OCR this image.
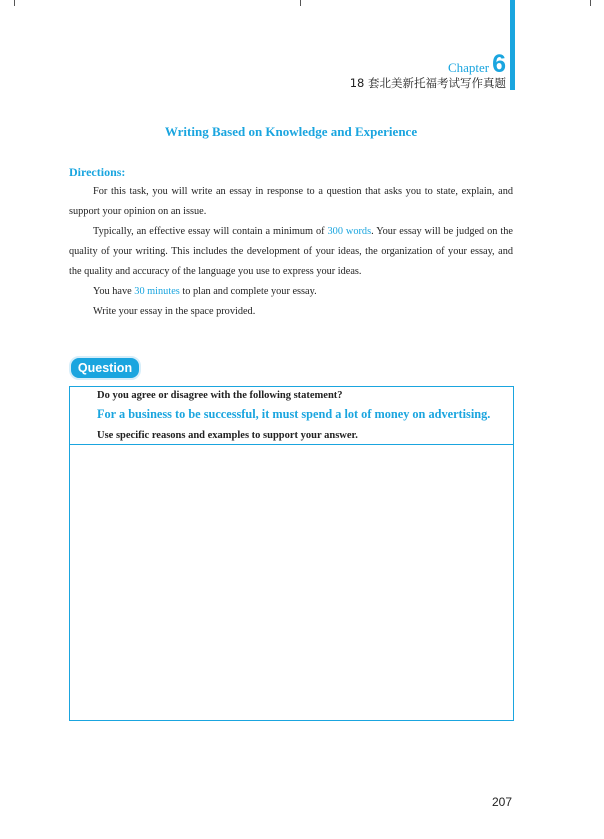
Chapter 6
18 套北美新托福考试写作真题
Writing Based on Knowledge and Experience
Directions:

For this task, you will write an essay in response to a question that asks you to state, explain, and support your opinion on an issue.

Typically, an effective essay will contain a minimum of 300 words. Your essay will be judged on the quality of your writing. This includes the development of your ideas, the organization of your essay, and the quality and accuracy of the language you use to express your ideas.

You have 30 minutes to plan and complete your essay.

Write your essay in the space provided.

Question
Do you agree or disagree with the following statement?
For a business to be successful, it must spend a lot of money on advertising.
Use specific reasons and examples to support your answer.
207
